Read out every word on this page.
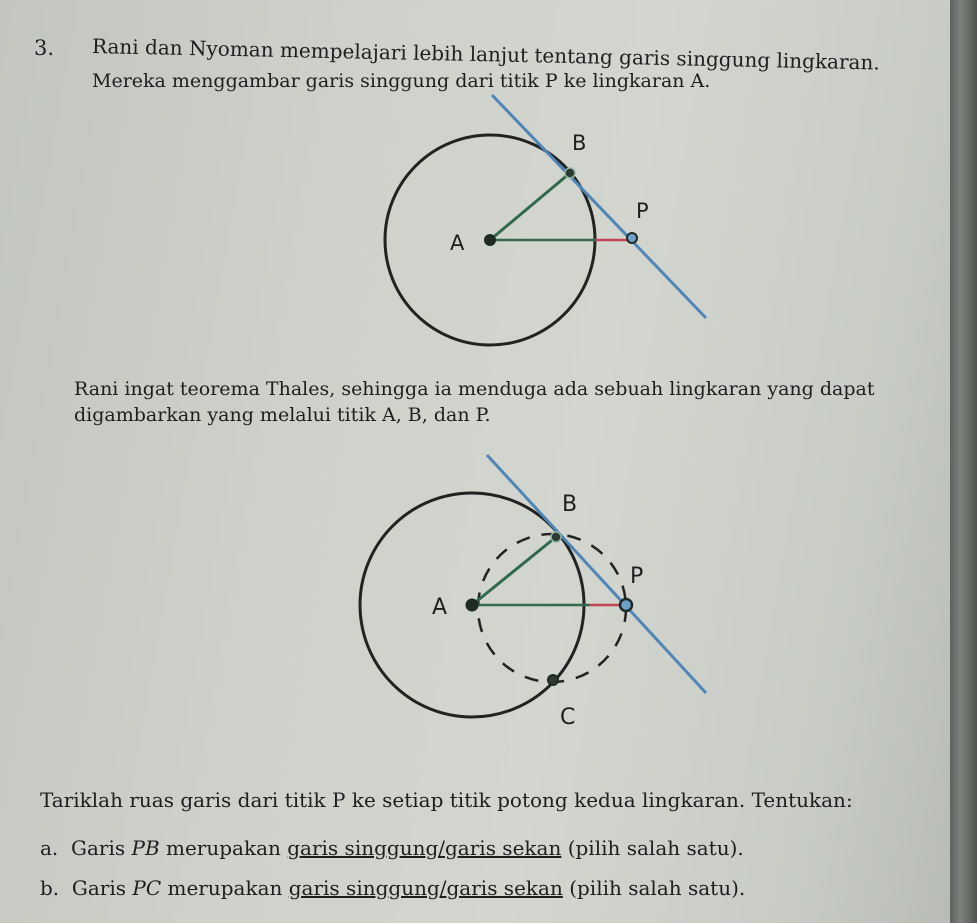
3. Rani dan Nyoman mempelajari lebih lanjut tentang garis singgung lingkaran.
Mereka menggambar garis singgung dari titik P ke lingkaran A.
B
P
A
Rani ingat teorema Thales, sehingga ia menduga ada sebuah lingkaran yang dapat
digambarkan yang melalui titik A, B, dan P.
B
P
A
C
Tariklah ruas garis dari titik P ke setiap titik potong kedua lingkaran. Tentukan:
a. Garis PB merupakan garis singgung/garis sekan (pilih salah satu).
b. Garis PC merupakan garis singgung/garis sekan (pilih salah satu).
